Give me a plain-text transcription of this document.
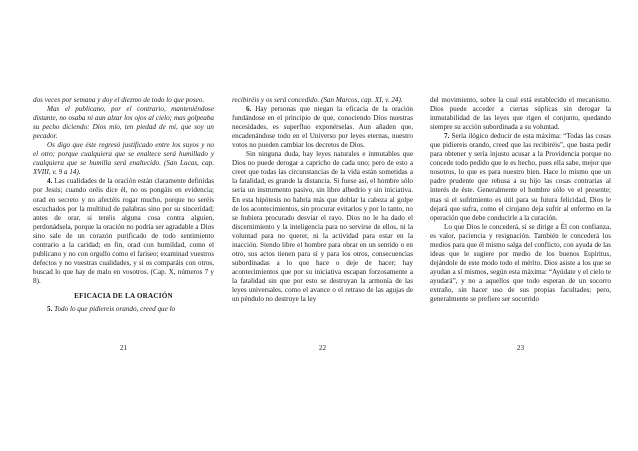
dos veces por semana y doy el diezmo de todo lo que poseo.

Mas el publicano, por el contrario, manteniéndose distante, no osaba ni aun alzar los ojos al cielo; mas golpeaba su pecho diciendo: Dios mío, ten piedad de mí, que soy un pecador.

Os digo que éste regresó justificado entre los suyos y no el otro; porque cualquiera que se enaltece será humillado y cualquiera que se humilla será enaltecido. (San Lucas, cap. XVIII, v. 9 a 14).

4. Las cualidades de la oración están claramente definidas por Jesús; cuando oréis dice él, no os pongáis en evidencia; orad en secreto y no afectéis rogar mucho, porque no seréis escuchados por la multitud de palabras sino por su sinceridad; antes de orar, si tenéis alguna cosa contra alguien, perdonádsela, porque la oración no podría ser agradable a Dios sino sale de un corazón purificado de todo sentimiento contrario a la caridad; en fin, orad con humildad, como el publicano y no con orgullo como el fariseo; examinad vuestros defectos y no vuestras cualidades, y si os comparáis con otros, buscad lo que hay de malo en vosotros. (Cap. X, números 7 y 8).

EFICACIA DE LA ORACIÓN

5. Todo lo que pidiereis orando, creed que lo

21

recibiréis y os será concedido. (San Marcos, cap. XI, v. 24).

6. Hay personas que niegan la eficacia de la oración fundándose en el principio de que, conociendo Dios nuestras necesidades, es superfluo exponérselas. Aun añaden que, encadenándose todo en el Universo por leyes eternas, nuestro votos no pueden cambiar los decretos de Dios.

Sin ninguna duda, hay leyes naturales e inmutables que Dios no puede derogar a capricho de cada uno; pero de esto a creer que todas las circunstancias de la vida están sometidas a la fatalidad, es grande la distancia. Si fuese así, el hombre sólo sería un instrumento pasivo, sin libre albedrío y sin iniciativa. En esta hipótesis no habría más que doblar la cabeza al golpe de los acontecimientos, sin procurar evitarlos y por lo tanto, no se hubiera procurado desviar el rayo. Dios no le ha dado el discernimiento y la inteligencia para no servirse de ellos, ni la voluntad para no querer, ni la actividad para estar en la inacción. Siendo libre el hombre para obrar en un sentido o en otro, sus actos tienen para sí y para los otros, consecuencias subordinadas a lo que hace o deje de hacer; hay acontecimientos que por su iniciativa escapan forzosamente a la fatalidad sin que por esto se destruyan la armonía de las leyes universales, como el avance o el retraso de las agujas de un péndulo no destruye la ley

22

del movimiento, sobre la cual está establecido el mecanismo. Dios puede acceder a ciertas súplicas sin derogar la inmutabilidad de las leyes que rigen el conjunto, quedando siempre su acción subordinada a su voluntad.

7. Sería ilógico deducir de esta máxima: “Todas las cosas que pidiereis orando, creed que las recibiréis”, que basta pedir para obtener y sería injusto acusar a la Providencia porque no concede todo pedido que le es hecho, pues ella sabe, mejor que nosotros, lo que es para nuestro bien. Hace lo mismo que un padre prudente que rehusa a su hijo las cosas contrarias al interés de éste. Generalmente el hombre sólo ve el presente; mas si el sufrimiento es útil para su futura felicidad, Dios le dejará que sufra, como el cirujano deja sufrir al enfermo en la operación que debe conducirle a la curación.

Lo que Dios le concederá, si se dirige a Él con confianza, es valor, paciencia y resignación. También le concederá los medios para que él mismo salga del conflicto, con ayuda de las ideas que le sugiere por medio de los buenos Espíritus, dejándole de este modo todo el mérito. Dios asiste a los que se ayudan a sí mismos, según esta máxima: “Ayúdate y el cielo te ayudará”, y no a aquellos que todo esperan de un socorro extraño, sin hacer uso de sus propias facultades; pero, generalmente se prefiere ser socorrido

23
